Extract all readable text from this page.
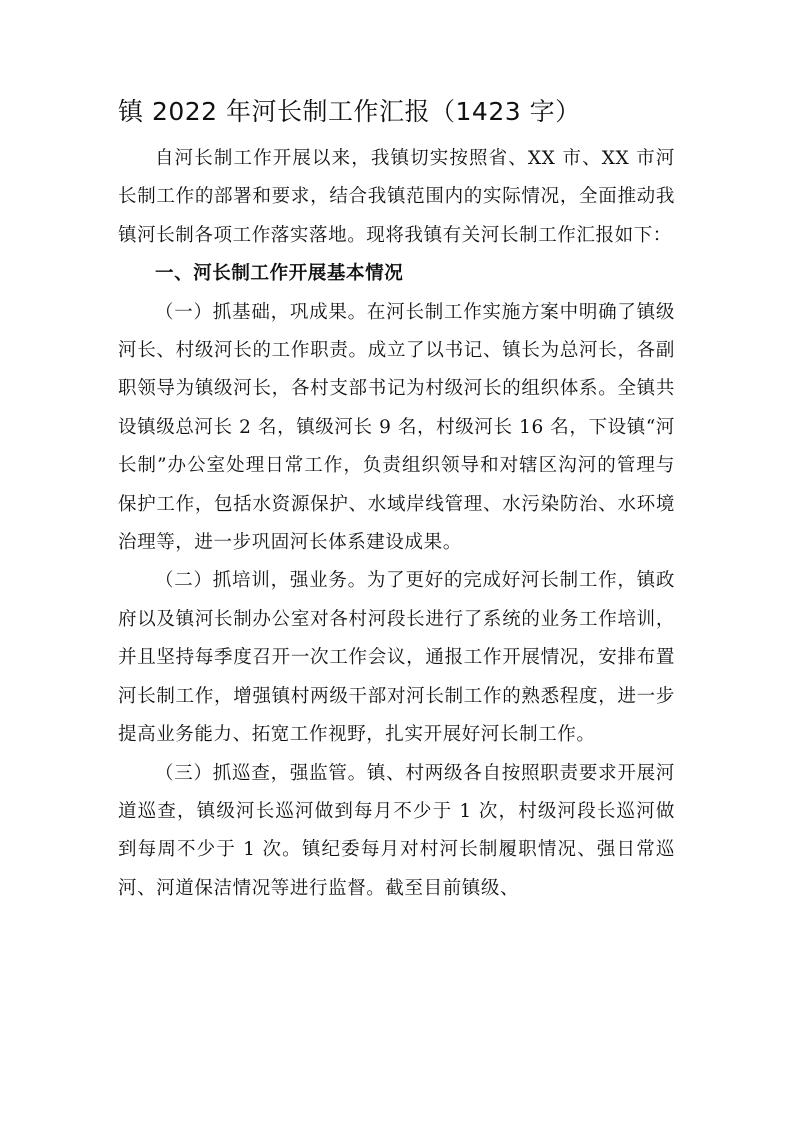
镇 2022 年河长制工作汇报（1423 字）

自河长制工作开展以来，我镇切实按照省、XX 市、XX 市河长制工作的部署和要求，结合我镇范围内的实际情况，全面推动我镇河长制各项工作落实落地。现将我镇有关河长制工作汇报如下：

一、河长制工作开展基本情况

（一）抓基础，巩成果。在河长制工作实施方案中明确了镇级河长、村级河长的工作职责。成立了以书记、镇长为总河长，各副职领导为镇级河长，各村支部书记为村级河长的组织体系。全镇共设镇级总河长 2 名，镇级河长 9 名，村级河长 16 名，下设镇“河长制”办公室处理日常工作，负责组织领导和对辖区沟河的管理与保护工作，包括水资源保护、水域岸线管理、水污染防治、水环境治理等，进一步巩固河长体系建设成果。

（二）抓培训，强业务。为了更好的完成好河长制工作，镇政府以及镇河长制办公室对各村河段长进行了系统的业务工作培训，并且坚持每季度召开一次工作会议，通报工作开展情况，安排布置河长制工作，增强镇村两级干部对河长制工作的熟悉程度，进一步提高业务能力、拓宽工作视野，扎实开展好河长制工作。

（三）抓巡查，强监管。镇、村两级各自按照职责要求开展河道巡查，镇级河长巡河做到每月不少于 1 次，村级河段长巡河做到每周不少于 1 次。镇纪委每月对村河长制履职情况、强日常巡河、河道保洁情况等进行监督。截至目前镇级、
